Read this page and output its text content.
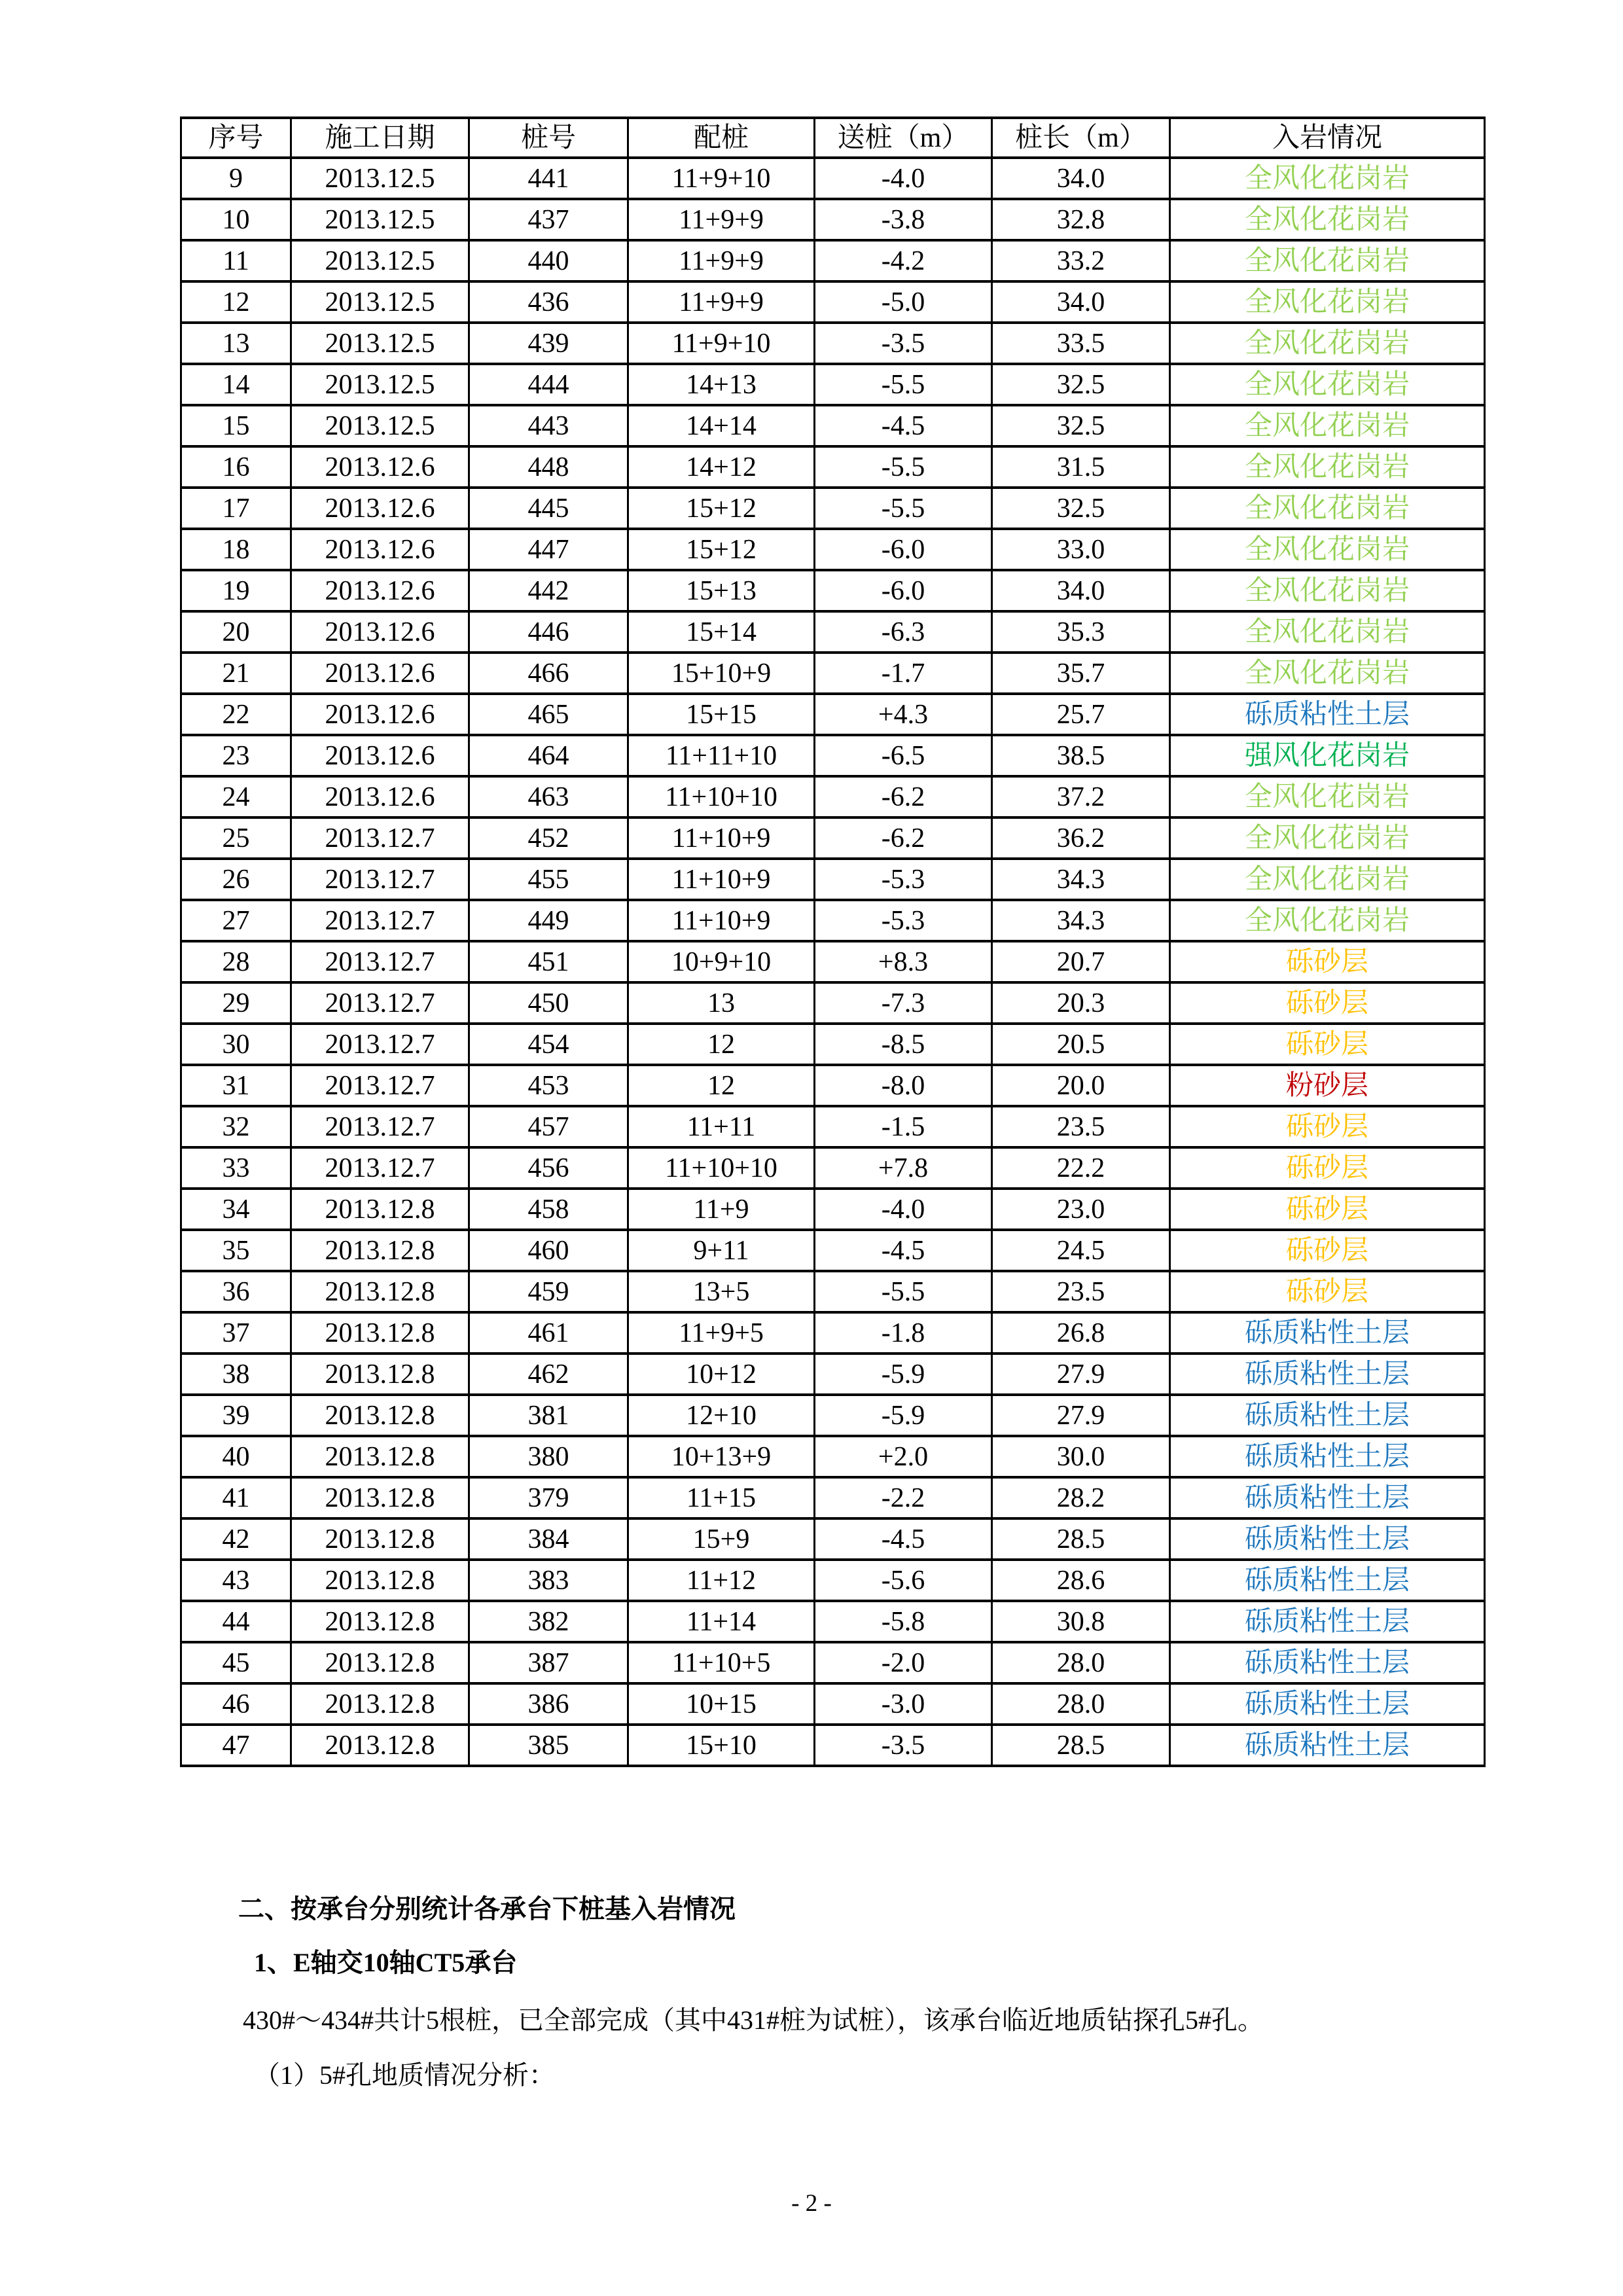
序号	施工日期	桩号	配桩	送桩（m）	桩长（m）	入岩情况
9	2013.12.5	441	11+9+10	-4.0	34.0	全风化花岗岩
10	2013.12.5	437	11+9+9	-3.8	32.8	全风化花岗岩
11	2013.12.5	440	11+9+9	-4.2	33.2	全风化花岗岩
12	2013.12.5	436	11+9+9	-5.0	34.0	全风化花岗岩
13	2013.12.5	439	11+9+10	-3.5	33.5	全风化花岗岩
14	2013.12.5	444	14+13	-5.5	32.5	全风化花岗岩
15	2013.12.5	443	14+14	-4.5	32.5	全风化花岗岩
16	2013.12.6	448	14+12	-5.5	31.5	全风化花岗岩
17	2013.12.6	445	15+12	-5.5	32.5	全风化花岗岩
18	2013.12.6	447	15+12	-6.0	33.0	全风化花岗岩
19	2013.12.6	442	15+13	-6.0	34.0	全风化花岗岩
20	2013.12.6	446	15+14	-6.3	35.3	全风化花岗岩
21	2013.12.6	466	15+10+9	-1.7	35.7	全风化花岗岩
22	2013.12.6	465	15+15	+4.3	25.7	砾质粘性土层
23	2013.12.6	464	11+11+10	-6.5	38.5	强风化花岗岩
24	2013.12.6	463	11+10+10	-6.2	37.2	全风化花岗岩
25	2013.12.7	452	11+10+9	-6.2	36.2	全风化花岗岩
26	2013.12.7	455	11+10+9	-5.3	34.3	全风化花岗岩
27	2013.12.7	449	11+10+9	-5.3	34.3	全风化花岗岩
28	2013.12.7	451	10+9+10	+8.3	20.7	砾砂层
29	2013.12.7	450	13	-7.3	20.3	砾砂层
30	2013.12.7	454	12	-8.5	20.5	砾砂层
31	2013.12.7	453	12	-8.0	20.0	粉砂层
32	2013.12.7	457	11+11	-1.5	23.5	砾砂层
33	2013.12.7	456	11+10+10	+7.8	22.2	砾砂层
34	2013.12.8	458	11+9	-4.0	23.0	砾砂层
35	2013.12.8	460	9+11	-4.5	24.5	砾砂层
36	2013.12.8	459	13+5	-5.5	23.5	砾砂层
37	2013.12.8	461	11+9+5	-1.8	26.8	砾质粘性土层
38	2013.12.8	462	10+12	-5.9	27.9	砾质粘性土层
39	2013.12.8	381	12+10	-5.9	27.9	砾质粘性土层
40	2013.12.8	380	10+13+9	+2.0	30.0	砾质粘性土层
41	2013.12.8	379	11+15	-2.2	28.2	砾质粘性土层
42	2013.12.8	384	15+9	-4.5	28.5	砾质粘性土层
43	2013.12.8	383	11+12	-5.6	28.6	砾质粘性土层
44	2013.12.8	382	11+14	-5.8	30.8	砾质粘性土层
45	2013.12.8	387	11+10+5	-2.0	28.0	砾质粘性土层
46	2013.12.8	386	10+15	-3.0	28.0	砾质粘性土层
47	2013.12.8	385	15+10	-3.5	28.5	砾质粘性土层
二、按承台分别统计各承台下桩基入岩情况
1、E轴交10轴CT5承台
430#～434#共计5根桩，已全部完成（其中431#桩为试桩），该承台临近地质钻探孔5#孔。
（1）5#孔地质情况分析：
- 2 -
